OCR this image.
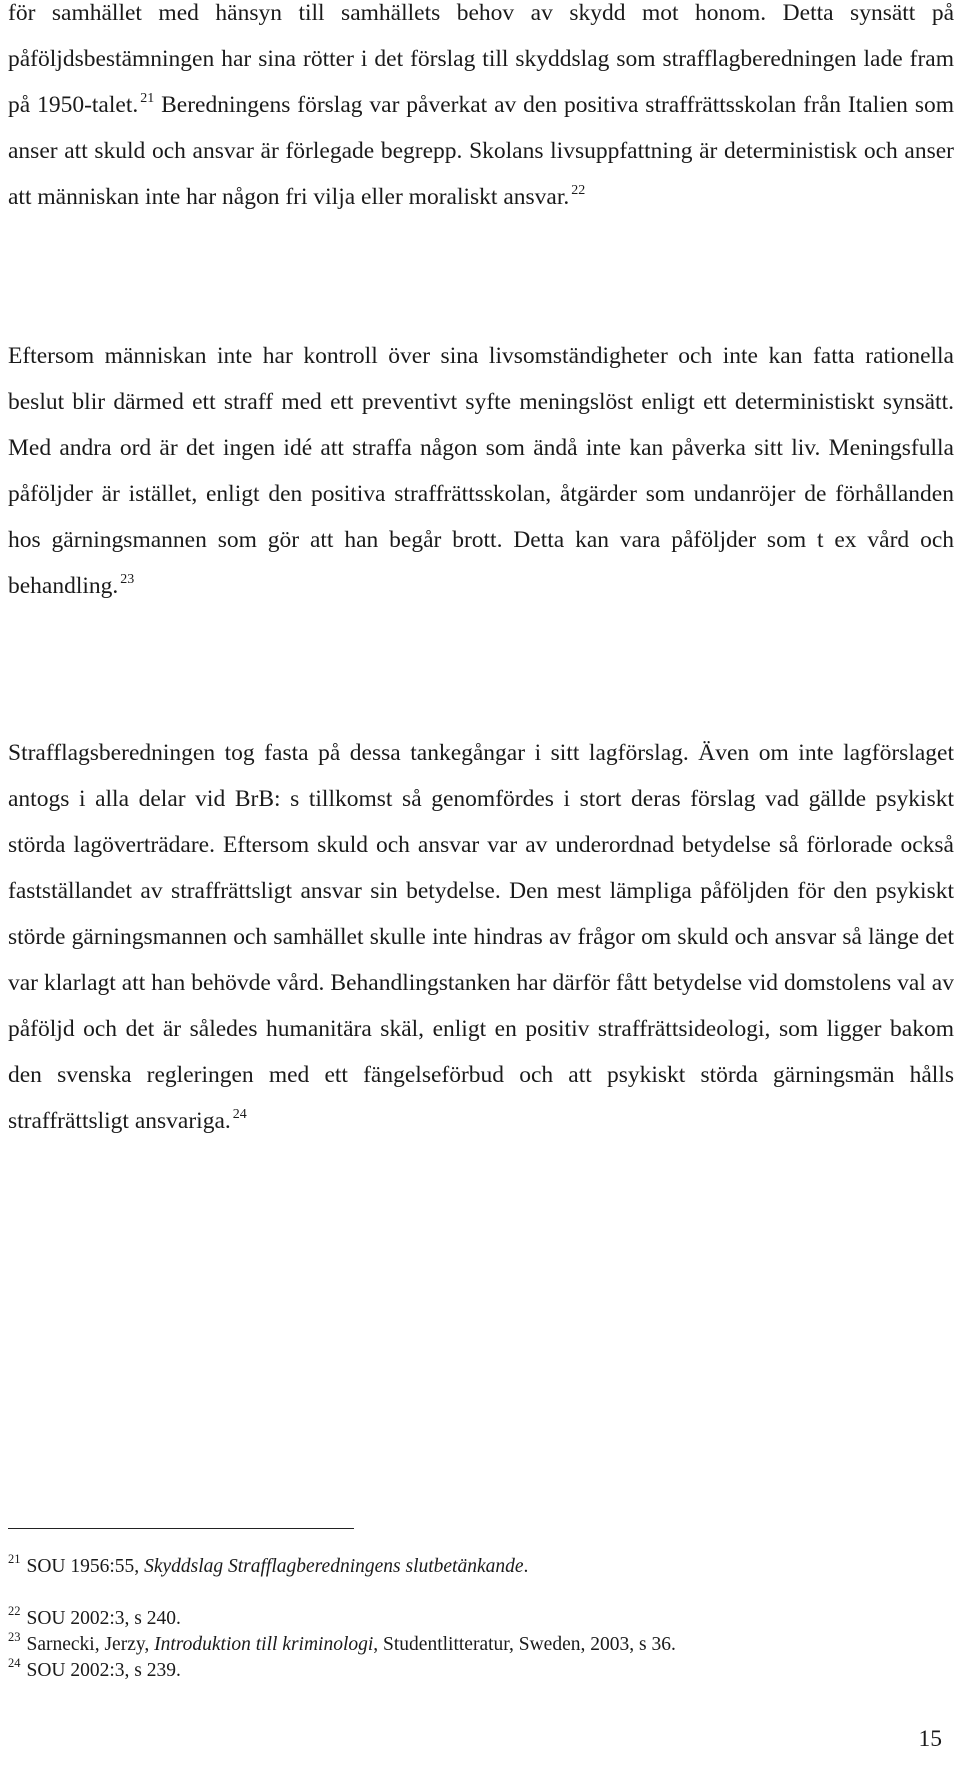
för samhället med hänsyn till samhällets behov av skydd mot honom. Detta synsätt på påföljdsbestämningen har sina rötter i det förslag till skyddslag som strafflagberedningen lade fram på 1950-talet. $^{21}$ Beredningens förslag var påverkat av den positiva straffrättsskolan från Italien som anser att skuld och ansvar är förlegade begrepp. Skolans livsuppfattning är deterministisk och anser att människan inte har någon fri vilja eller moraliskt ansvar. $^{22}$

Eftersom människan inte har kontroll över sina livsomständigheter och inte kan fatta rationella beslut blir därmed ett straff med ett preventivt syfte meningslöst enligt ett deterministiskt synsätt. Med andra ord är det ingen idé att straffa någon som ändå inte kan påverka sitt liv. Meningsfulla påföljder är istället, enligt den positiva straffrättsskolan, åtgärder som undanröjer de förhållanden hos gärningsmannen som gör att han begår brott. Detta kan vara påföljder som t ex vård och behandling. $^{23}$

Strafflagsberedningen tog fasta på dessa tankegångar i sitt lagförslag. Även om inte lagförslaget antogs i alla delar vid BrB: s tillkomst så genomfördes i stort deras förslag vad gällde psykiskt störda lagöverträdare. Eftersom skuld och ansvar var av underordnad betydelse så förlorade också fastställandet av straffrättsligt ansvar sin betydelse. Den mest lämpliga påföljden för den psykiskt störde gärningsmannen och samhället skulle inte hindras av frågor om skuld och ansvar så länge det var klarlagt att han behövde vård. Behandlingstanken har därför fått betydelse vid domstolens val av påföljd och det är således humanitära skäl, enligt en positiv straffrättsideologi, som ligger bakom den svenska regleringen med ett fängelseförbud och att psykiskt störda gärningsmän hålls straffrättsligt ansvariga. $^{24}$

$^{21}$ SOU 1956:55, Skyddslag Strafflagberedningens slutbetänkande.
$^{22}$ SOU 2002:3, s 240.
$^{23}$ Sarnecki, Jerzy, Introduktion till kriminologi, Studentlitteratur, Sweden, 2003, s 36.
$^{24}$ SOU 2002:3, s 239.
15
